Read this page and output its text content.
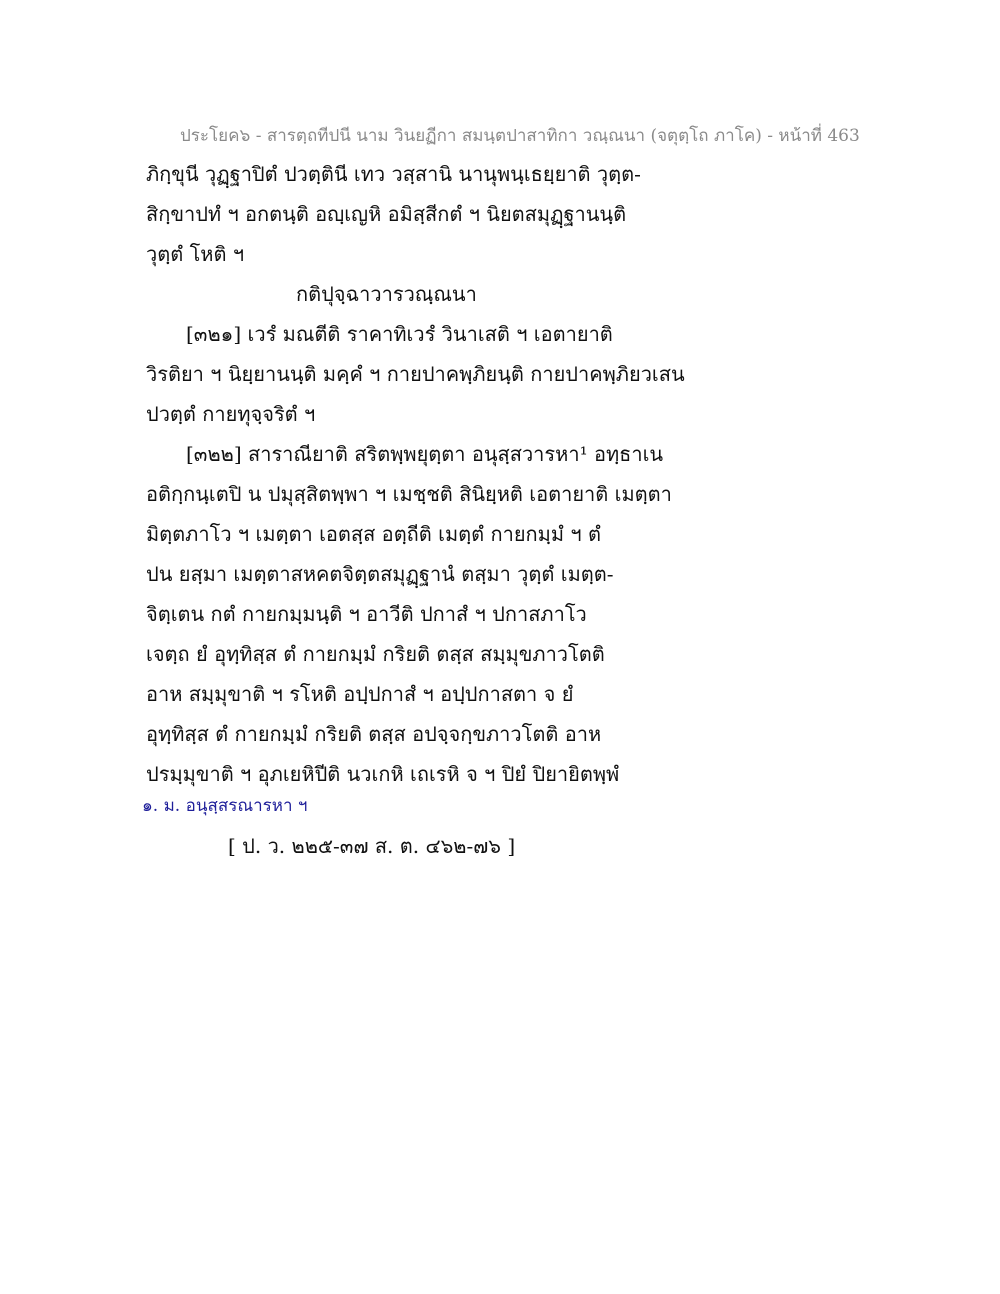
ประโยค๖ - สารตฺถทีปนี นาม วินยฏีกา สมนฺตปาสาทิกา วณฺณนา (จตุตฺโถ ภาโค) - หน้าที่ 463
ภิกฺขุนี วุฏฺฐาปิตํ ปวตฺตินี เทว วสฺสานิ นานุพนฺเธยฺยาติ วุตฺต-
สิกฺขาปทํ ฯ อกตนฺติ อญฺเญหิ อมิสฺสีกตํ ฯ นิยตสมุฏฺฐานนฺติ
วุตฺตํ โหติ ฯ
กติปุจฺฉาวารวณฺณนา
[๓๒๑] เวรํ มณตีติ ราคาทิเวรํ วินาเสติ ฯ เอตายาติ
วิรติยา ฯ นิยฺยานนฺติ มคฺคํ ฯ กายปาคพฺภิยนฺติ กายปาคพฺภิยวเสน
ปวตฺตํ กายทุจฺจริตํ ฯ
[๓๒๒] สาราณียาติ สริตพฺพยุตฺตา อนุสฺสวารหา¹ อทฺธาเน
อติกฺกนฺเตปิ น ปมุสฺสิตพฺพา ฯ เมชฺชติ สินิยฺหติ เอตายาติ เมตฺตา
มิตฺตภาโว ฯ เมตฺตา เอตสฺส อตฺถีติ เมตฺตํ กายกมฺมํ ฯ ตํ
ปน ยสฺมา เมตฺตาสหคตจิตฺตสมุฏฺฐานํ ตสฺมา วุตฺตํ เมตฺต-
จิตฺเตน กตํ กายกมฺมนฺติ ฯ อาวีติ ปกาสํ ฯ ปกาสภาโว
เจตฺถ ยํ อุทฺทิสฺส ตํ กายกมฺมํ กริยติ ตสฺส สมฺมุขภาวโตติ
อาห สมฺมุขาติ ฯ รโหติ อปฺปกาสํ ฯ อปฺปกาสตา จ ยํ
อุทฺทิสฺส ตํ กายกมฺมํ กริยติ ตสฺส อปจฺจกฺขภาวโตติ อาห
ปรมฺมุขาติ ฯ อุภเยหิปีติ นวเกหิ เถเรหิ จ ฯ ปิยํ ปิยายิตพฺพํ
๑. ม. อนุสฺสรณารหา ฯ
[ ป. ว. ๒๒๕-๓๗ ส. ต. ๔๖๒-๗๖ ]
